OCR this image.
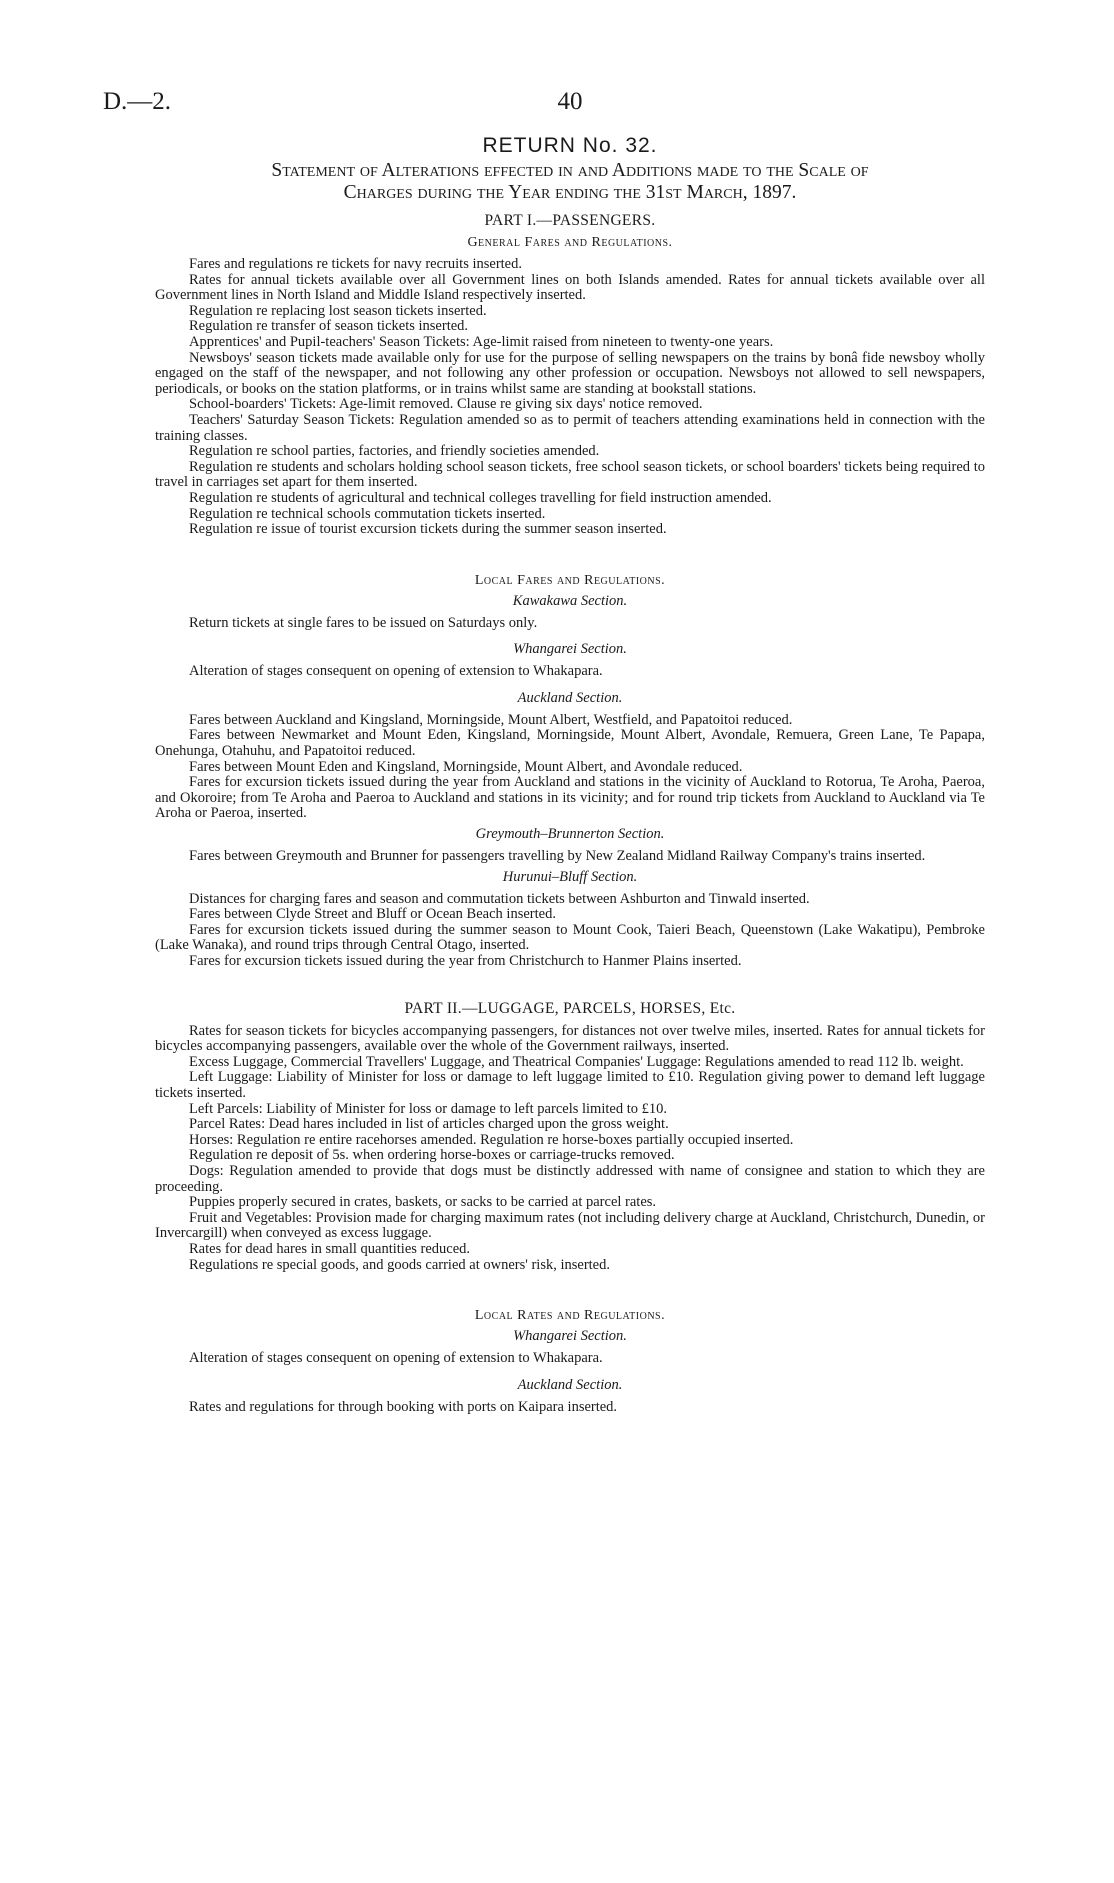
D.—2.	40
RETURN No. 32.
Statement of Alterations effected in and Additions made to the Scale of
Charges during the Year ending the 31st March, 1897.
PART I.—PASSENGERS.
General Fares and Regulations.

Fares and regulations re tickets for navy recruits inserted.

Rates for annual tickets available over all Government lines on both Islands amended. Rates for annual tickets available over all Government lines in North Island and Middle Island respectively inserted.

Regulation re replacing lost season tickets inserted.

Regulation re transfer of season tickets inserted.

Apprentices' and Pupil-teachers' Season Tickets: Age-limit raised from nineteen to twenty-one years.

Newsboys' season tickets made available only for use for the purpose of selling newspapers on the trains by bonâ fide newsboy wholly engaged on the staff of the newspaper, and not following any other profession or occupation. Newsboys not allowed to sell newspapers, periodicals, or books on the station platforms, or in trains whilst same are standing at bookstall stations.

School-boarders' Tickets: Age-limit removed. Clause re giving six days' notice removed.

Teachers' Saturday Season Tickets: Regulation amended so as to permit of teachers attending examinations held in connection with the training classes.

Regulation re school parties, factories, and friendly societies amended.

Regulation re students and scholars holding school season tickets, free school season tickets, or school boarders' tickets being required to travel in carriages set apart for them inserted.

Regulation re students of agricultural and technical colleges travelling for field instruction amended.

Regulation re technical schools commutation tickets inserted.

Regulation re issue of tourist excursion tickets during the summer season inserted.

Local Fares and Regulations.
Kawakawa Section.

Return tickets at single fares to be issued on Saturdays only.

Whangarei Section.

Alteration of stages consequent on opening of extension to Whakapara.

Auckland Section.

Fares between Auckland and Kingsland, Morningside, Mount Albert, Westfield, and Papatoitoi reduced.

Fares between Newmarket and Mount Eden, Kingsland, Morningside, Mount Albert, Avondale, Remuera, Green Lane, Te Papapa, Onehunga, Otahuhu, and Papatoitoi reduced.

Fares between Mount Eden and Kingsland, Morningside, Mount Albert, and Avondale reduced.

Fares for excursion tickets issued during the year from Auckland and stations in the vicinity of Auckland to Rotorua, Te Aroha, Paeroa, and Okoroire; from Te Aroha and Paeroa to Auckland and stations in its vicinity; and for round trip tickets from Auckland to Auckland via Te Aroha or Paeroa, inserted.

Greymouth–Brunnerton Section.

Fares between Greymouth and Brunner for passengers travelling by New Zealand Midland Railway Company's trains inserted.

Hurunui–Bluff Section.

Distances for charging fares and season and commutation tickets between Ashburton and Tinwald inserted.

Fares between Clyde Street and Bluff or Ocean Beach inserted.

Fares for excursion tickets issued during the summer season to Mount Cook, Taieri Beach, Queenstown (Lake Wakatipu), Pembroke (Lake Wanaka), and round trips through Central Otago, inserted.

Fares for excursion tickets issued during the year from Christchurch to Hanmer Plains inserted.

PART II.—LUGGAGE, PARCELS, HORSES, Etc.

Rates for season tickets for bicycles accompanying passengers, for distances not over twelve miles, inserted. Rates for annual tickets for bicycles accompanying passengers, available over the whole of the Government railways, inserted.

Excess Luggage, Commercial Travellers' Luggage, and Theatrical Companies' Luggage: Regulations amended to read 112 lb. weight.

Left Luggage: Liability of Minister for loss or damage to left luggage limited to £10. Regulation giving power to demand left luggage tickets inserted.

Left Parcels: Liability of Minister for loss or damage to left parcels limited to £10.

Parcel Rates: Dead hares included in list of articles charged upon the gross weight.

Horses: Regulation re entire racehorses amended. Regulation re horse-boxes partially occupied inserted.

Regulation re deposit of 5s. when ordering horse-boxes or carriage-trucks removed.

Dogs: Regulation amended to provide that dogs must be distinctly addressed with name of consignee and station to which they are proceeding.

Puppies properly secured in crates, baskets, or sacks to be carried at parcel rates.

Fruit and Vegetables: Provision made for charging maximum rates (not including delivery charge at Auckland, Christchurch, Dunedin, or Invercargill) when conveyed as excess luggage.

Rates for dead hares in small quantities reduced.

Regulations re special goods, and goods carried at owners' risk, inserted.

Local Rates and Regulations.
Whangarei Section.

Alteration of stages consequent on opening of extension to Whakapara.

Auckland Section.

Rates and regulations for through booking with ports on Kaipara inserted.
